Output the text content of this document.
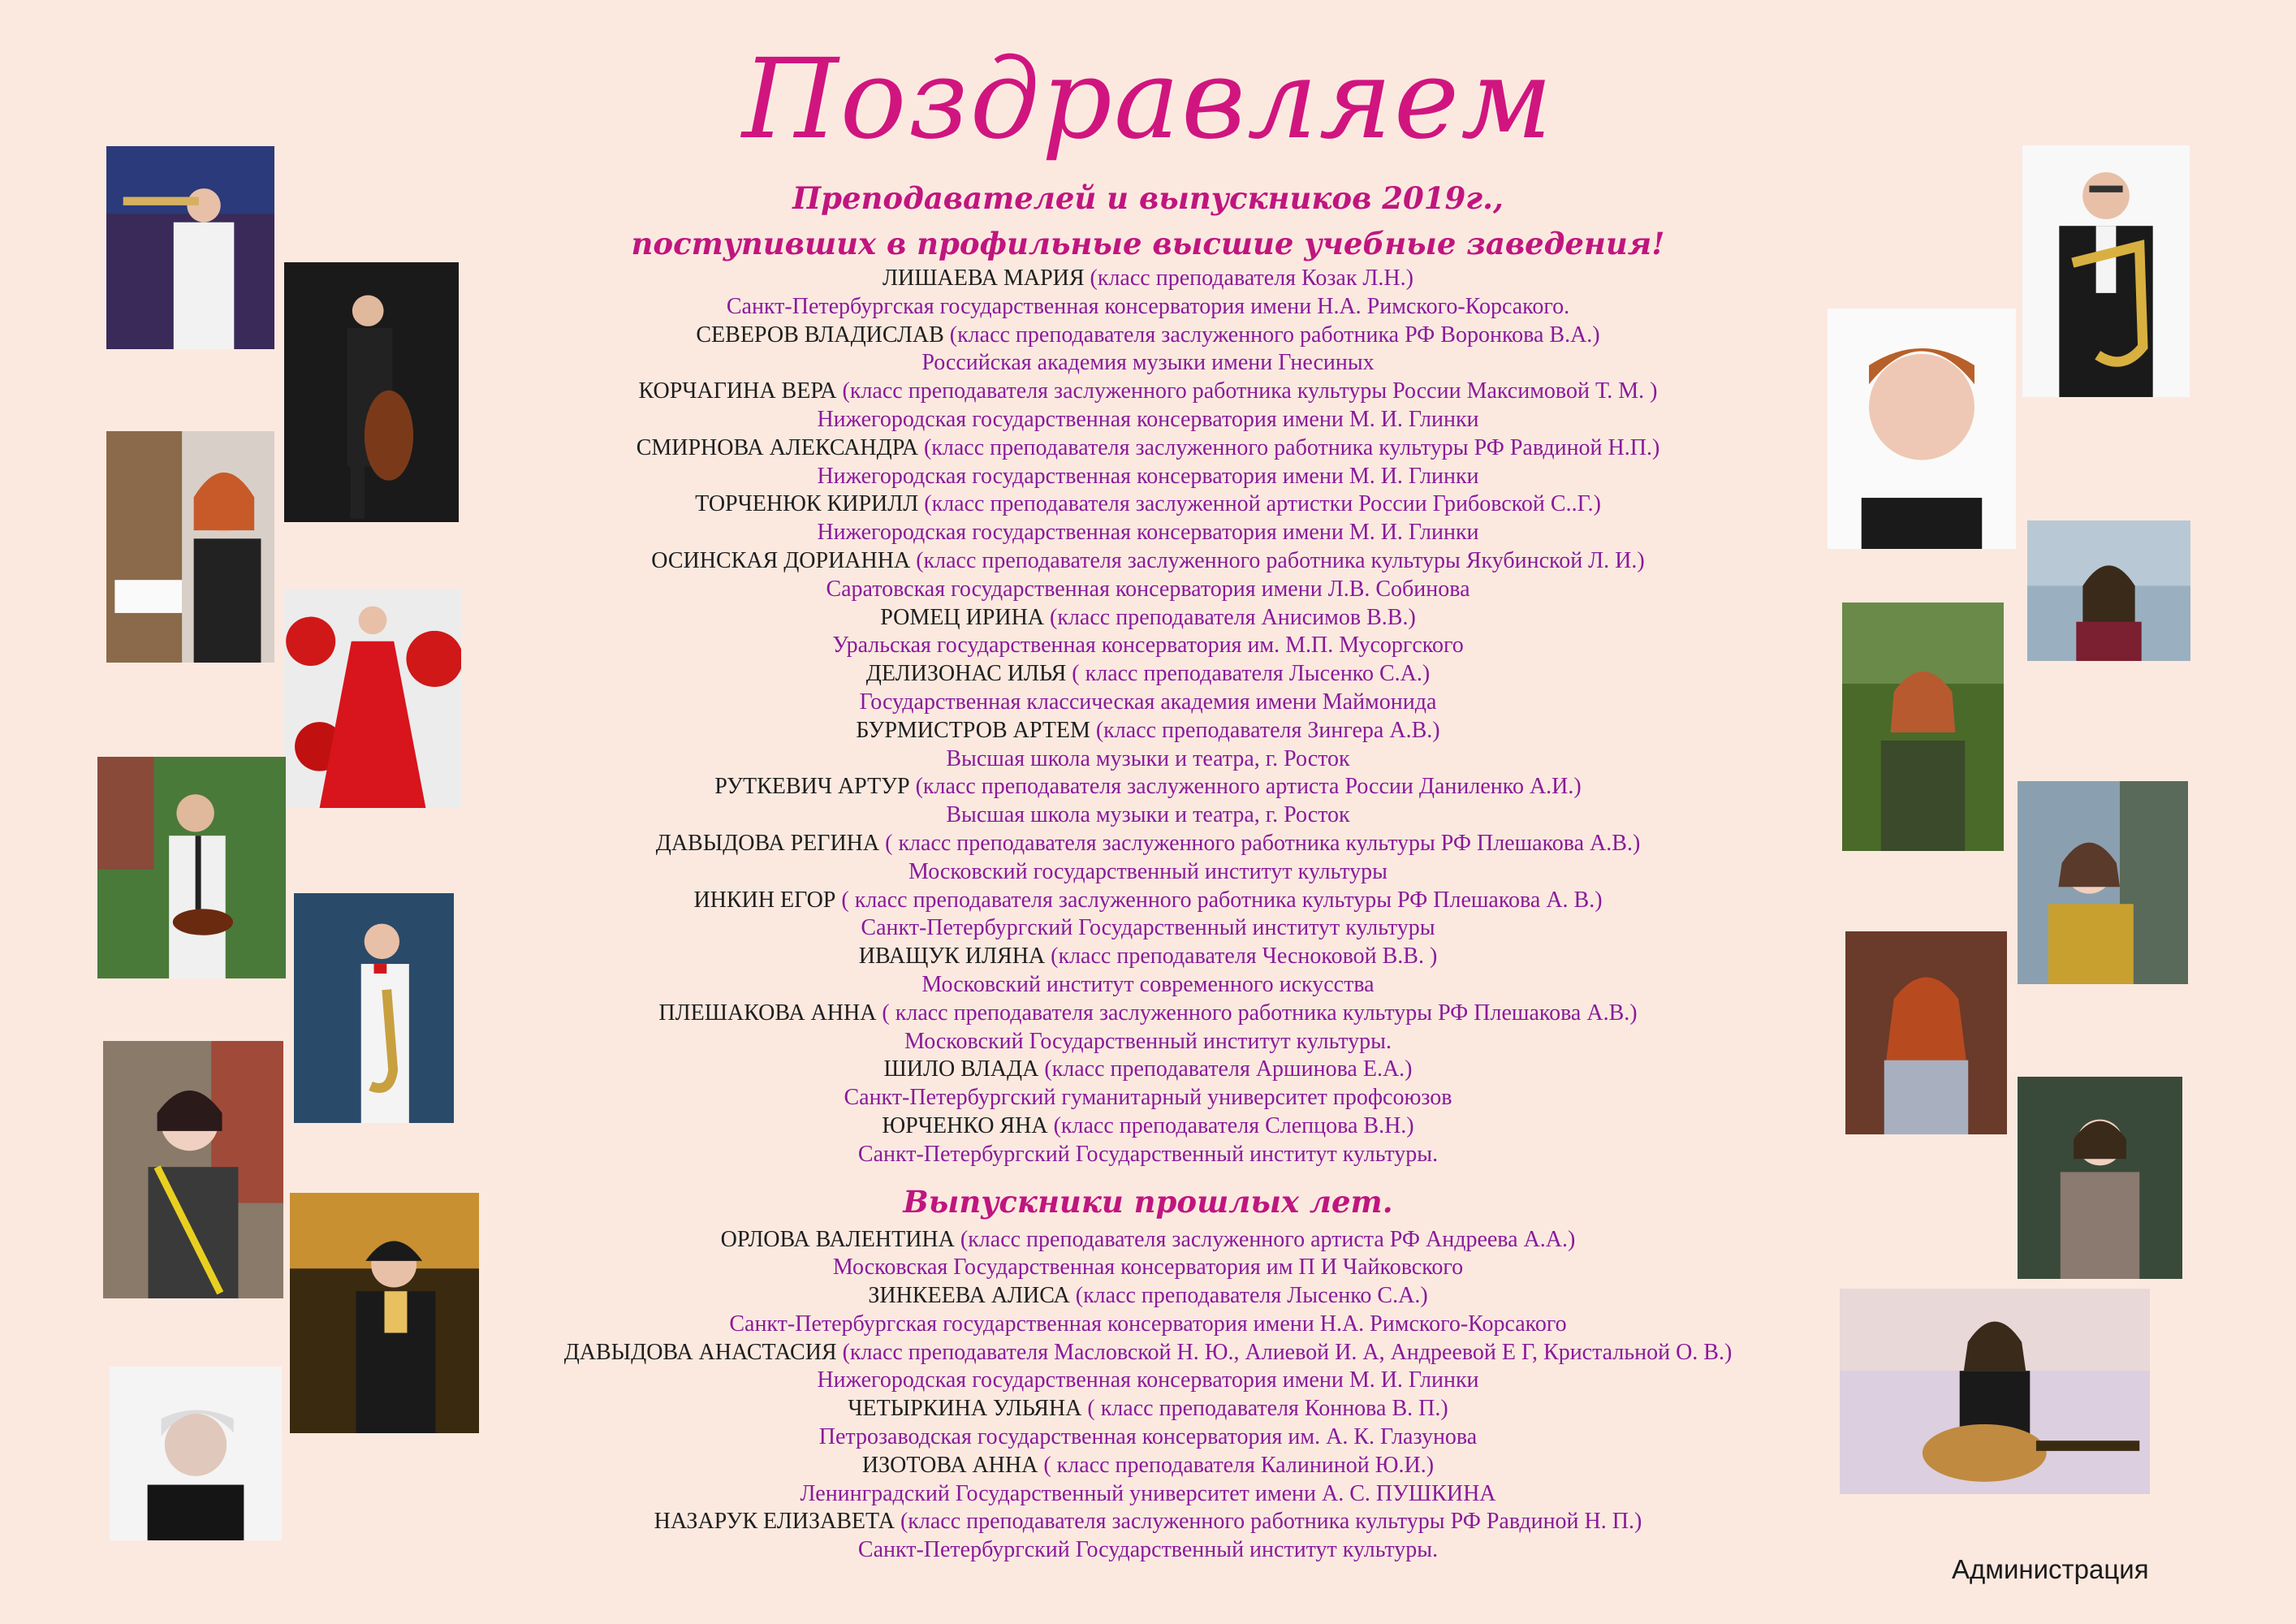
Поздравляем
Преподавателей и выпускников 2019г.,
поступивших в профильные высшие учебные заведения!
ЛИШАЕВА МАРИЯ (класс преподавателя Козак Л.Н.)
Санкт-Петербургская государственная консерватория имени Н.А. Римского-Корсакого.
СЕВЕРОВ ВЛАДИСЛАВ (класс преподавателя заслуженного работника РФ Воронкова В.А.)
Российская академия музыки имени Гнесиных
КОРЧАГИНА ВЕРА (класс преподавателя заслуженного работника культуры России Максимовой Т. М. )
Нижегородская государственная консерватория имени М. И. Глинки
СМИРНОВА АЛЕКСАНДРА (класс преподавателя заслуженного работника культуры РФ Равдиной Н.П.)
Нижегородская государственная консерватория имени М. И. Глинки
ТОРЧЕНЮК КИРИЛЛ (класс преподавателя заслуженной артистки России Грибовской С..Г.)
Нижегородская государственная консерватория имени М. И. Глинки
ОСИНСКАЯ ДОРИАННА (класс преподавателя заслуженного работника культуры Якубинской Л. И.)
Саратовская государственная консерватория имени Л.В. Собинова
РОМЕЦ ИРИНА (класс преподавателя Анисимов В.В.)
Уральская государственная консерватория им. М.П. Мусоргского
ДЕЛИЗОНАС ИЛЬЯ ( класс преподавателя Лысенко С.А.)
Государственная классическая академия имени Маймонида
БУРМИСТРОВ АРТЕМ (класс преподавателя Зингера А.В.)
Высшая школа музыки и театра, г. Росток
РУТКЕВИЧ АРТУР (класс преподавателя заслуженного артиста России Даниленко А.И.)
Высшая школа музыки и театра, г. Росток
ДАВЫДОВА РЕГИНА ( класс преподавателя заслуженного работника культуры РФ Плешакова А.В.)
Московский государственный институт культуры
ИНКИН ЕГОР ( класс преподавателя заслуженного работника культуры РФ Плешакова А. В.)
Санкт-Петербургский Государственный институт культуры
ИВАЩУК ИЛЯНА (класс преподавателя Чесноковой В.В. )
Московский институт современного искусства
ПЛЕШАКОВА АННА ( класс преподавателя заслуженного работника культуры РФ Плешакова А.В.)
Московский Государственный институт культуры.
ШИЛО ВЛАДА (класс преподавателя Аршинова Е.А.)
Санкт-Петербургский гуманитарный университет профсоюзов
ЮРЧЕНКО ЯНА (класс преподавателя Слепцова В.Н.)
Санкт-Петербургский Государственный институт культуры.
Выпускники прошлых лет.
ОРЛОВА ВАЛЕНТИНА (класс преподавателя заслуженного артиста РФ Андреева А.А.)
Московская Государственная консерватория им П И Чайковского
ЗИНКЕЕВА АЛИСА (класс преподавателя Лысенко С.А.)
Санкт-Петербургская государственная консерватория имени Н.А. Римского-Корсакого
ДАВЫДОВА АНАСТАСИЯ (класс преподавателя Масловской Н. Ю., Алиевой И. А, Андреевой Е Г, Кристальной О. В.)
Нижегородская государственная консерватория имени М. И. Глинки
ЧЕТЫРКИНА УЛЬЯНА ( класс преподавателя Коннова В. П.)
Петрозаводская государственная консерватория им. А. К. Глазунова
ИЗОТОВА АННА ( класс преподавателя Калининой Ю.И.)
Ленинградский Государственный университет имени А. С. ПУШКИНА
НАЗАРУК ЕЛИЗАВЕТА (класс преподавателя заслуженного работника культуры РФ Равдиной Н. П.)
Санкт-Петербургский Государственный институт культуры.
Администрация
